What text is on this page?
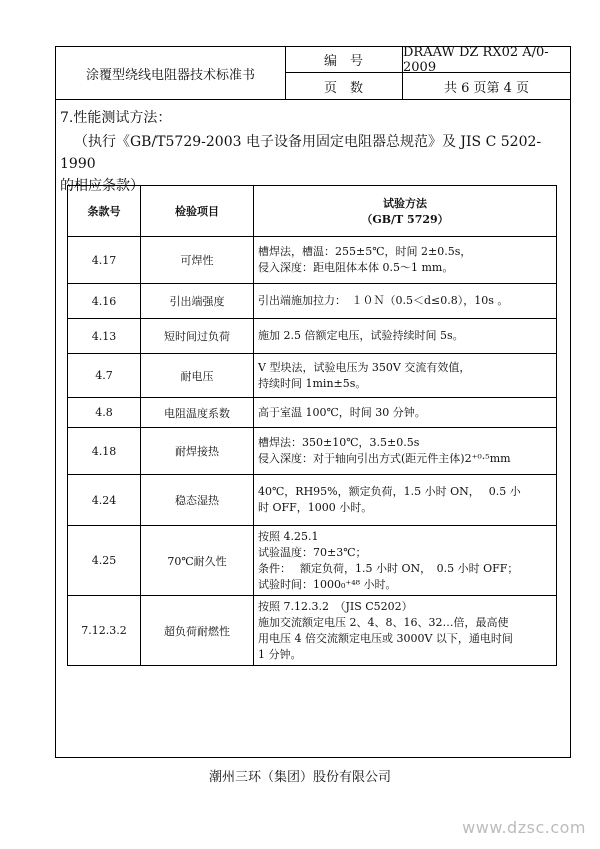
涂覆型绕线电阻器技术标准书
编　号
DRAAW DZ RX02 A/0-2009
页　数	共 6 页第 4 页
7.性能测试方法：
（执行《GB/T5729-2003 电子设备用固定电阻器总规范》及 JIS C 5202-1990
的相应条款）
条款号	检验项目	试验方法
（GB/T 5729）

4.17	可焊性	槽焊法，槽温：255±5℃，时间 2±0.5s，
侵入深度：距电阻体本体 0.5～1 mm。

4.16	引出端强度	引出端施加拉力：　１０Ｎ（0.5＜d≤0.8），10s 。

4.13	短时间过负荷	施加 2.5 倍额定电压，试验持续时间 5s。

4.7	耐电压	V 型块法，试验电压为 350V 交流有效值，
持续时间 1min±5s。

4.8	电阻温度系数	高于室温 100℃，时间 30 分钟。

4.18	耐焊接热	槽焊法：350±10℃，3.5±0.5s
侵入深度：对于轴向引出方式(距元件主体)2⁺⁰·⁵mm

4.24	稳态湿热	40℃，RH95%，额定负荷，1.5 小时 ON，　 0.5 小
时 OFF，1000 小时。

4.25	70℃耐久性	按照 4.25.1
试验温度：70±3℃；
条件：　 额定负荷，1.5 小时 ON，　0.5 小时 OFF；
试验时间：1000₀⁺⁴⁸ 小时。

7.12.3.2	超负荷耐燃性	按照 7.12.3.2　（JIS C5202）
施加交流额定电压 2、4、8、16、32…倍，最高使
用电压 4 倍交流额定电压或 3000V 以下，通电时间
1 分钟。
潮州三环（集团）股份有限公司
www.dzsc.com
